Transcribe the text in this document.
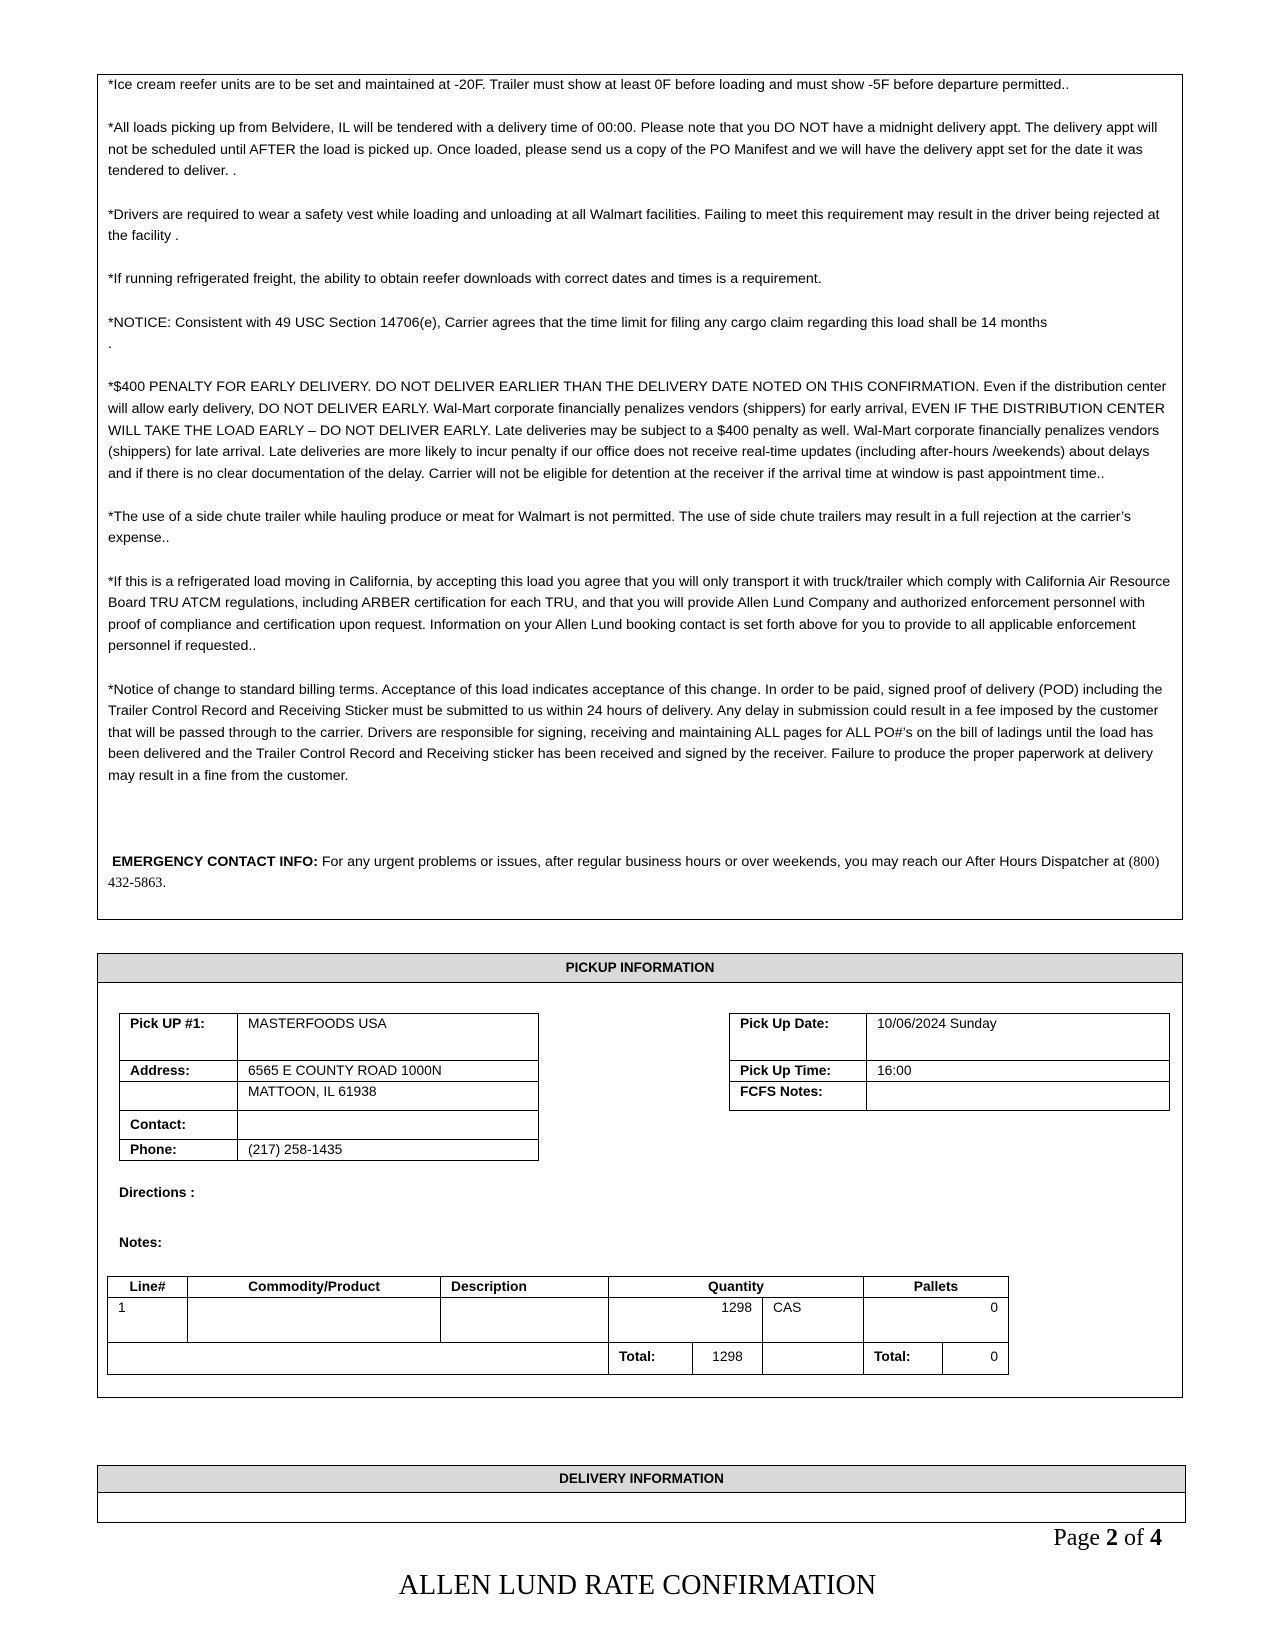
*Ice cream reefer units are to be set and maintained at -20F. Trailer must show at least 0F before loading and must show -5F before departure permitted..

*All loads picking up from Belvidere, IL will be tendered with a delivery time of 00:00. Please note that you DO NOT have a midnight delivery appt. The delivery appt will not be scheduled until AFTER the load is picked up. Once loaded, please send us a copy of the PO Manifest and we will have the delivery appt set for the date it was tendered to deliver. .

*Drivers are required to wear a safety vest while loading and unloading at all Walmart facilities. Failing to meet this requirement may result in the driver being rejected at the facility .

*If running refrigerated freight, the ability to obtain reefer downloads with correct dates and times is a requirement.

*NOTICE: Consistent with 49 USC Section 14706(e), Carrier agrees that the time limit for filing any cargo claim regarding this load shall be 14 months
.

*$400 PENALTY FOR EARLY DELIVERY. DO NOT DELIVER EARLIER THAN THE DELIVERY DATE NOTED ON THIS CONFIRMATION. Even if the distribution center will allow early delivery, DO NOT DELIVER EARLY. Wal-Mart corporate financially penalizes vendors (shippers) for early arrival, EVEN IF THE DISTRIBUTION CENTER WILL TAKE THE LOAD EARLY – DO NOT DELIVER EARLY. Late deliveries may be subject to a $400 penalty as well. Wal-Mart corporate financially penalizes vendors (shippers) for late arrival. Late deliveries are more likely to incur penalty if our office does not receive real-time updates (including after-hours /weekends) about delays and if there is no clear documentation of the delay. Carrier will not be eligible for detention at the receiver if the arrival time at window is past appointment time..

*The use of a side chute trailer while hauling produce or meat for Walmart is not permitted. The use of side chute trailers may result in a full rejection at the carrier’s expense..

*If this is a refrigerated load moving in California, by accepting this load you agree that you will only transport it with truck/trailer which comply with California Air Resource Board TRU ATCM regulations, including ARBER certification for each TRU, and that you will provide Allen Lund Company and authorized enforcement personnel with proof of compliance and certification upon request. Information on your Allen Lund booking contact is set forth above for you to provide to all applicable enforcement personnel if requested..

*Notice of change to standard billing terms. Acceptance of this load indicates acceptance of this change. In order to be paid, signed proof of delivery (POD) including the Trailer Control Record and Receiving Sticker must be submitted to us within 24 hours of delivery. Any delay in submission could result in a fee imposed by the customer that will be passed through to the carrier. Drivers are responsible for signing, receiving and maintaining ALL pages for ALL PO#’s on the bill of ladings until the load has been delivered and the Trailer Control Record and Receiving sticker has been received and signed by the receiver. Failure to produce the proper paperwork at delivery may result in a fine from the customer.

EMERGENCY CONTACT INFO: For any urgent problems or issues, after regular business hours or over weekends, you may reach our After Hours Dispatcher at (800) 432-5863.

PICKUP INFORMATION
Pick UP #1:	MASTERFOODS USA
Address:	6565 E COUNTY ROAD 1000N
	MATTOON, IL 61938
Contact:	
Phone:	(217) 258-1435
Pick Up Date:	10/06/2024 Sunday
Pick Up Time:	16:00
FCFS Notes:	
Directions :
Notes:
Line#	Commodity/Product	Description	Quantity			Pallets	
1			1298		CAS	0	
			Total:	1298		Total:	0
DELIVERY INFORMATION
Page 2 of 4
ALLEN LUND RATE CONFIRMATION
